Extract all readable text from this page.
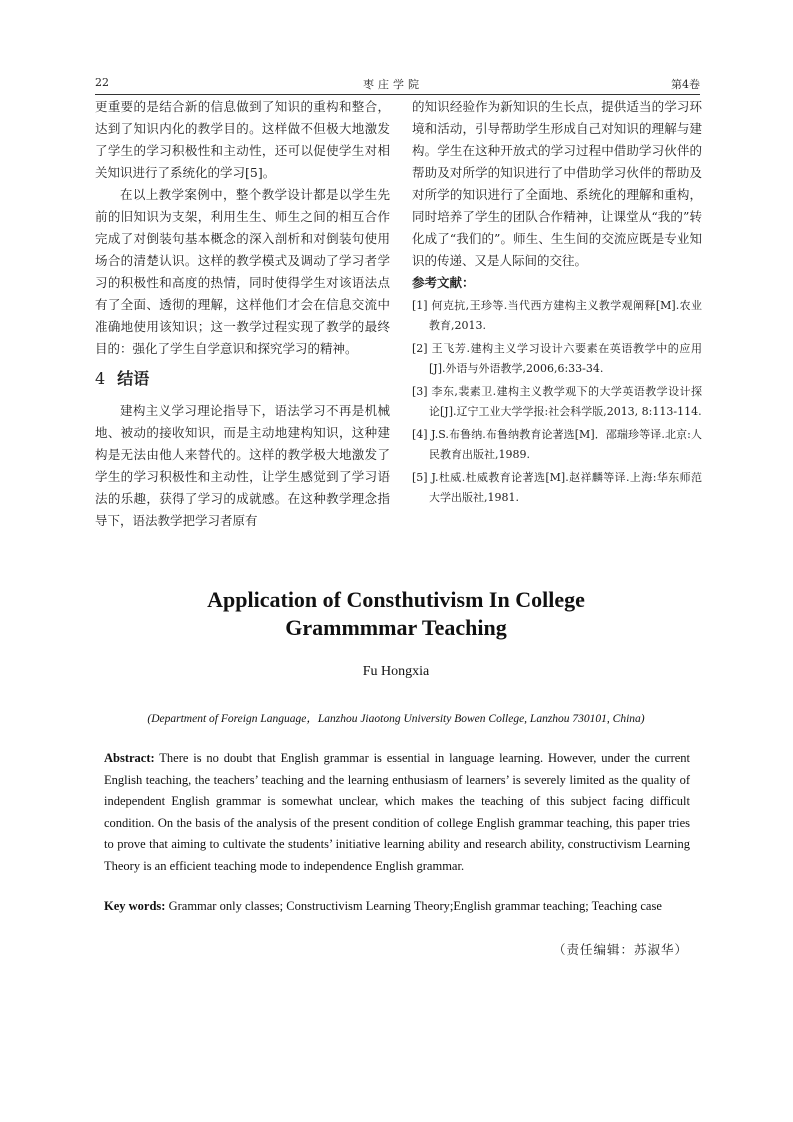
22	枣庄学院	第4卷

更重要的是结合新的信息做到了知识的重构和整合，达到了知识内化的教学目的。这样做不但极大地激发了学生的学习积极性和主动性，还可以促使学生对相关知识进行了系统化的学习[5]。

在以上教学案例中，整个教学设计都是以学生先前的旧知识为支架，利用生生、师生之间的相互合作完成了对倒装句基本概念的深入剖析和对倒装句使用场合的清楚认识。这样的教学模式及调动了学习者学习的积极性和高度的热情，同时使得学生对该语法点有了全面、透彻的理解，这样他们才会在信息交流中准确地使用该知识；这一教学过程实现了教学的最终目的：强化了学生自学意识和探究学习的精神。

4 结语

建构主义学习理论指导下，语法学习不再是机械地、被动的接收知识，而是主动地建构知识，这种建构是无法由他人来替代的。这样的教学极大地激发了学生的学习积极性和主动性，让学生感觉到了学习语法的乐趣，获得了学习的成就感。在这种教学理念指导下，语法教学把学习者原有

的知识经验作为新知识的生长点，提供适当的学习环境和活动，引导帮助学生形成自己对知识的理解与建构。学生在这种开放式的学习过程中借助学习伙伴的帮助及对所学的知识进行了中借助学习伙伴的帮助及对所学的知识进行了全面地、系统化的理解和重构，同时培养了学生的团队合作精神，让课堂从“我的”转化成了“我们的”。师生、生生间的交流应既是专业知识的传递、又是人际间的交往。

参考文献：

[1] 何克抗,王珍等.当代西方建构主义教学观阐释[M].农业教育,2013.
[2] 王飞芳.建构主义学习设计六要素在英语教学中的应用[J].外语与外语教学,2006,6:33-34.
[3] 李东,裴素卫.建构主义教学观下的大学英语教学设计探论[J].辽宁工业大学学报:社会科学版,2013, 8:113-114.
[4] J.S.布鲁纳.布鲁纳教育论著选[M]．邵瑞珍等译.北京:人民教育出版社,1989.
[5] J.杜威.杜威教育论著选[M].赵祥麟等译.上海:华东师范大学出版社,1981.
Application of Consthutivism In College
Grammmmar Teaching

Fu Hongxia

(Department of Foreign Language，Lanzhou Jiaotong University Bowen College, Lanzhou 730101, China)

Abstract: There is no doubt that English grammar is essential in language learning. However, under the current English teaching, the teachers’ teaching and the learning enthusiasm of learners’ is severely limited as the quality of independent English grammar is somewhat unclear, which makes the teaching of this subject facing difficult condition. On the basis of the analysis of the present condition of college English grammar teaching, this paper tries to prove that aiming to cultivate the students’ initiative learning ability and research ability, constructivism Learning Theory is an efficient teaching mode to independence English grammar.

Key words: Grammar only classes; Constructivism Learning Theory;English grammar teaching; Teaching case

（责任编辑：苏淑华）
